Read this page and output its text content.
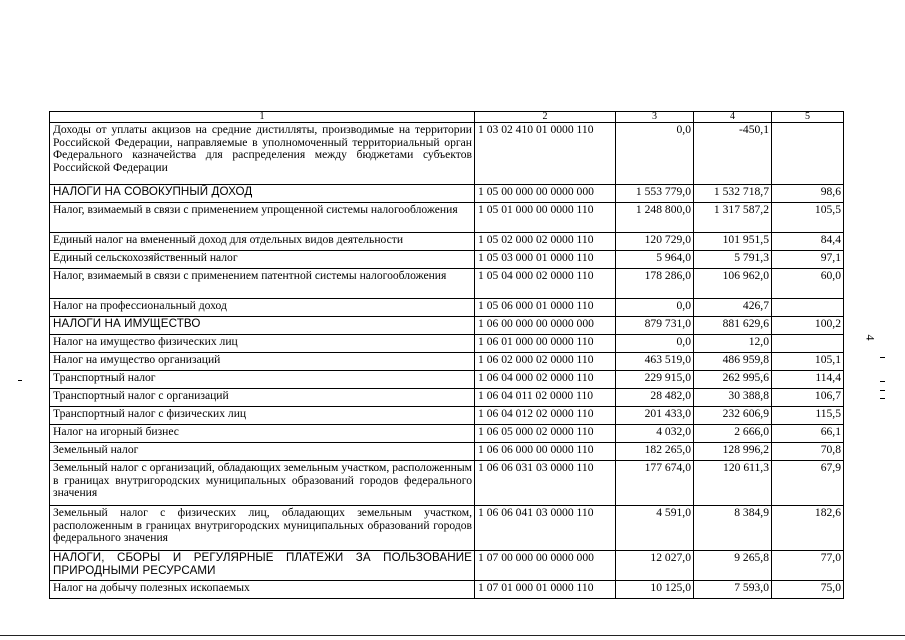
1	2	3	4	5
Доходы от уплаты акцизов на средние дистилляты, производимые на территории Российской Федерации, направляемые в уполномоченный территориальный орган Федерального казначейства для распределения между бюджетами субъектов Российской Федерации	1 03 02 410 01 0000 110	0,0	-450,1	
НАЛОГИ НА СОВОКУПНЫЙ ДОХОД	1 05 00 000 00 0000 000	1 553 779,0	1 532 718,7	98,6
Налог, взимаемый в связи с применением упрощенной системы налогообложения	1 05 01 000 00 0000 110	1 248 800,0	1 317 587,2	105,5
Единый налог на вмененный доход для отдельных видов деятельности	1 05 02 000 02 0000 110	120 729,0	101 951,5	84,4
Единый сельскохозяйственный налог	1 05 03 000 01 0000 110	5 964,0	5 791,3	97,1
Налог, взимаемый в связи с применением патентной системы налогообложения	1 05 04 000 02 0000 110	178 286,0	106 962,0	60,0
Налог на профессиональный доход	1 05 06 000 01 0000 110	0,0	426,7	
НАЛОГИ НА ИМУЩЕСТВО	1 06 00 000 00 0000 000	879 731,0	881 629,6	100,2
Налог на имущество физических лиц	1 06 01 000 00 0000 110	0,0	12,0	
Налог на имущество организаций	1 06 02 000 02 0000 110	463 519,0	486 959,8	105,1
Транспортный налог	1 06 04 000 02 0000 110	229 915,0	262 995,6	114,4
Транспортный налог с организаций	1 06 04 011 02 0000 110	28 482,0	30 388,8	106,7
Транспортный налог с физических лиц	1 06 04 012 02 0000 110	201 433,0	232 606,9	115,5
Налог на игорный бизнес	1 06 05 000 02 0000 110	4 032,0	2 666,0	66,1
Земельный налог	1 06 06 000 00 0000 110	182 265,0	128 996,2	70,8
Земельный налог с организаций, обладающих земельным участком, расположенным в границах внутригородских муниципальных образований городов федерального значения	1 06 06 031 03 0000 110	177 674,0	120 611,3	67,9
Земельный налог с физических лиц, обладающих земельным участком, расположенным в границах внутригородских муниципальных образований городов федерального значения	1 06 06 041 03 0000 110	4 591,0	8 384,9	182,6
НАЛОГИ, СБОРЫ И РЕГУЛЯРНЫЕ ПЛАТЕЖИ ЗА ПОЛЬЗОВАНИЕ ПРИРОДНЫМИ РЕСУРСАМИ	1 07 00 000 00 0000 000	12 027,0	9 265,8	77,0
Налог на добычу полезных ископаемых	1 07 01 000 01 0000 110	10 125,0	7 593,0	75,0
4
